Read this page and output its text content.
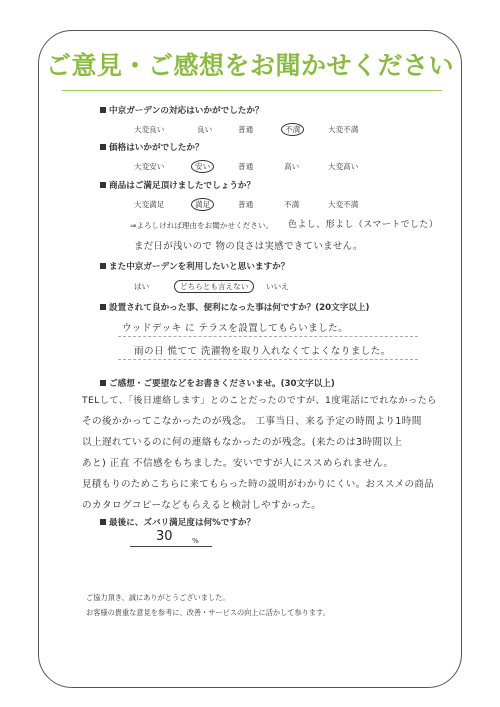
ご意見・ご感想をお聞かせください
中京ガーデンの対応はいかがでしたか？
大変良い	良い	普通	不満	大変不満
価格はいかがでしたか？
大変安い	安い	普通	高い	大変高い
商品はご満足頂けましたでしょうか？
大変満足	満足	普通	不満	大変不満
⇒よろしければ理由をお聞かせください。 色よし、形よし（スマートでした）
まだ日が浅いので 物の良さは実感できていません。
また中京ガーデンを利用したいと思いますか？
はい	どちらとも言えない いいえ
設置されて良かった事、便利になった事は何ですか？(20文字以上)
ウッドデッキ に テラスを設置してもらいました。
雨の日 慌てて 洗濯物を取り入れなくてよくなりました。
ご感想・ご要望などをお書きくださいませ。(30文字以上)
TELして、「後日連絡します」とのことだったのですが、1度電話にでれなかったら
その後かかってこなかったのが残念。 工事当日、来る予定の時間より1時間
以上遅れているのに何の連絡もなかったのが残念。(来たのは3時間以上
あと) 正直 不信感をもちました。安いですが人にススめられません。
見積もりのためこちらに来てもらった時の説明がわかりにくい。おススメの商品
のカタログコピーなどもらえると検討しやすかった。
最後に、ズバリ満足度は何%ですか？
30	%
ご協力頂き、誠にありがとうございました。
お客様の貴重な意見を参考に、改善・サービスの向上に活かして参ります。
